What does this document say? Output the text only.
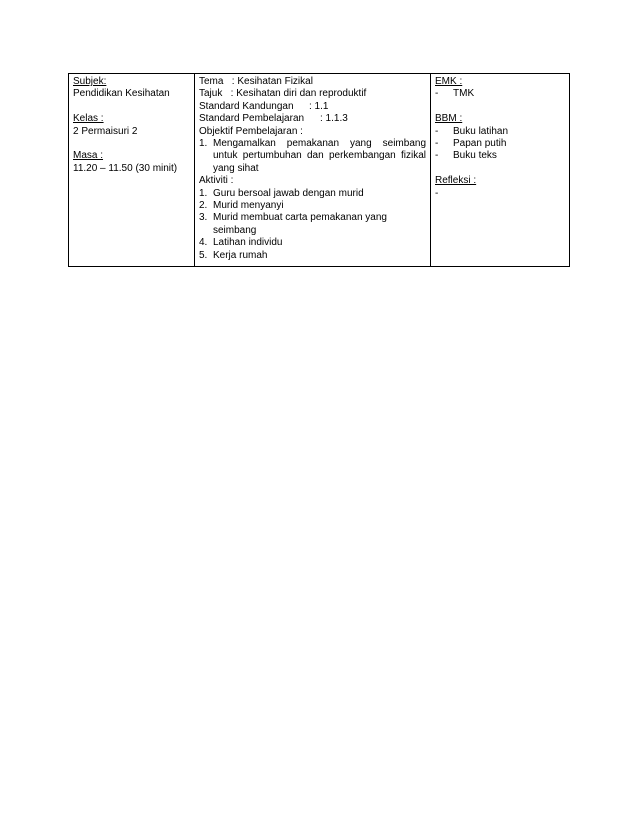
Subjek:
Pendidikan Kesihatan
Kelas :
2 Permaisuri 2
Masa :
11.20 – 11.50 (30 minit)

Tema   : Kesihatan Fizikal
Tajuk   : Kesihatan diri dan reproduktif
Standard Kandungan	: 1.1
Standard Pembelajaran	: 1.1.3
Objektif Pembelajaran :
1. Mengamalkan pemakanan yang seimbang untuk pertumbuhan dan perkembangan fizikal yang sihat
Aktiviti :
1. Guru bersoal jawab dengan murid
2. Murid menyanyi
3. Murid membuat carta pemakanan yang seimbang
4. Latihan individu
5. Kerja rumah

EMK :
-	TMK
BBM :
-	Buku latihan
-	Papan putih
-	Buku teks
Refleksi :
-
